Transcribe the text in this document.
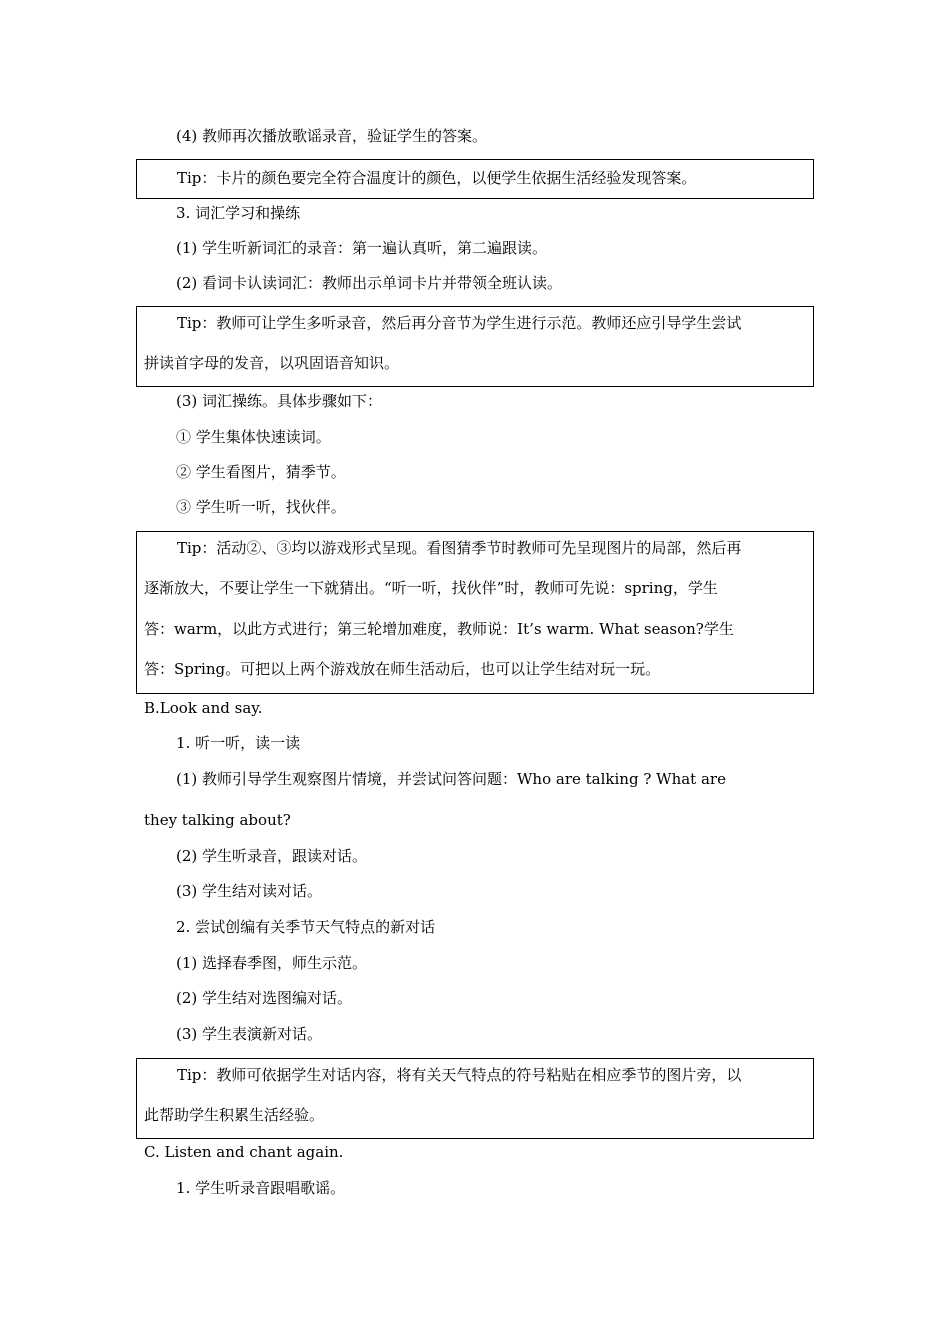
(4) 教师再次播放歌谣录音，验证学生的答案。
Tip：卡片的颜色要完全符合温度计的颜色，以便学生依据生活经验发现答案。
3. 词汇学习和操练
(1) 学生听新词汇的录音：第一遍认真听，第二遍跟读。
(2) 看词卡认读词汇：教师出示单词卡片并带领全班认读。
Tip：教师可让学生多听录音，然后再分音节为学生进行示范。教师还应引导学生尝试
拼读首字母的发音，以巩固语音知识。
(3) 词汇操练。具体步骤如下：
① 学生集体快速读词。
② 学生看图片，猜季节。
③ 学生听一听，找伙伴。
Tip：活动②、③均以游戏形式呈现。看图猜季节时教师可先呈现图片的局部，然后再
逐渐放大，不要让学生一下就猜出。“听一听，找伙伴”时，教师可先说：spring，学生
答：warm，以此方式进行；第三轮增加难度，教师说：It’s warm. What season?学生
答：Spring。可把以上两个游戏放在师生活动后，也可以让学生结对玩一玩。
B.Look and say.
1. 听一听，读一读
(1) 教师引导学生观察图片情境，并尝试问答问题：Who are talking ? What are
they talking about?
(2) 学生听录音，跟读对话。
(3) 学生结对读对话。
2. 尝试创编有关季节天气特点的新对话
(1) 选择春季图，师生示范。
(2) 学生结对选图编对话。
(3) 学生表演新对话。
Tip：教师可依据学生对话内容，将有关天气特点的符号粘贴在相应季节的图片旁，以
此帮助学生积累生活经验。
C. Listen and chant again.
1. 学生听录音跟唱歌谣。
